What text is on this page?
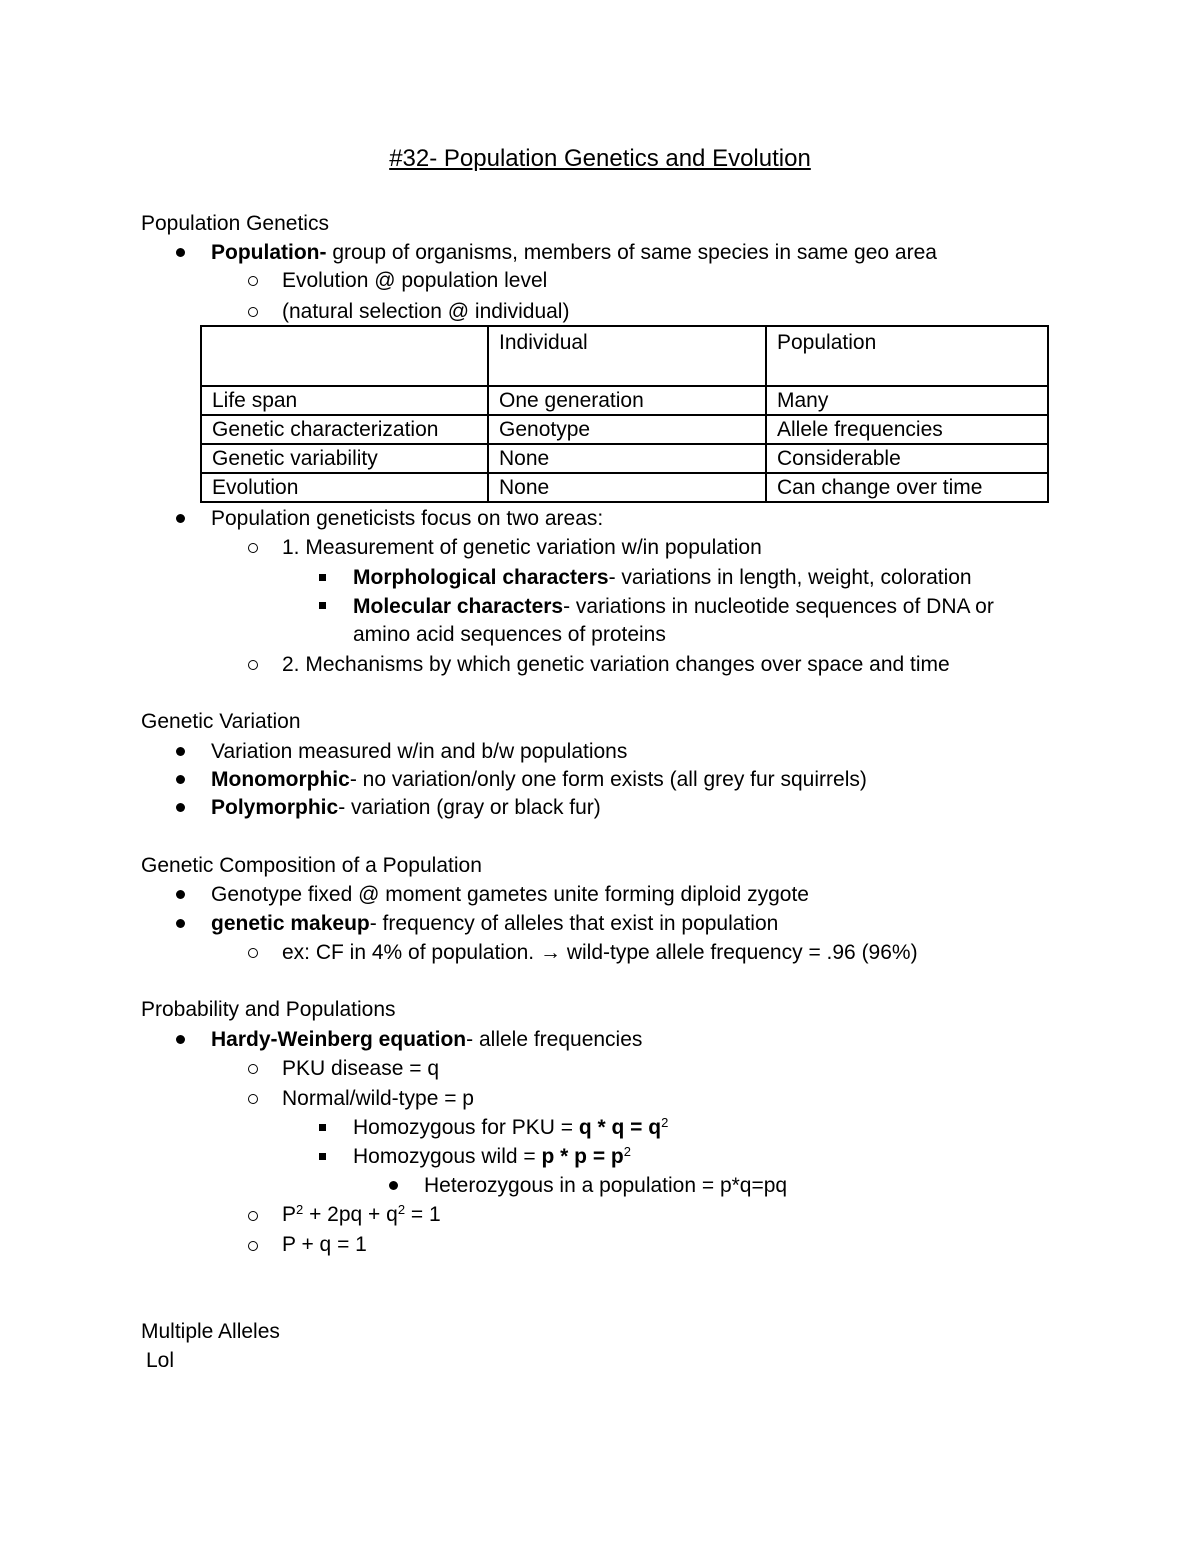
#32- Population Genetics and Evolution
Population Genetics
Population- group of organisms, members of same species in same geo area
Evolution @ population level
(natural selection @ individual)
	Individual	Population
Life span	One generation	Many
Genetic characterization	Genotype	Allele frequencies
Genetic variability	None	Considerable
Evolution	None	Can change over time
Population geneticists focus on two areas:
1. Measurement of genetic variation w/in population
Morphological characters- variations in length, weight, coloration
Molecular characters- variations in nucleotide sequences of DNA or
amino acid sequences of proteins
2. Mechanisms by which genetic variation changes over space and time
Genetic Variation
Variation measured w/in and b/w populations
Monomorphic- no variation/only one form exists (all grey fur squirrels)
Polymorphic- variation (gray or black fur)
Genetic Composition of a Population
Genotype fixed @ moment gametes unite forming diploid zygote
genetic makeup- frequency of alleles that exist in population
ex: CF in 4% of population. → wild-type allele frequency = .96 (96%)
Probability and Populations
Hardy-Weinberg equation- allele frequencies
PKU disease = q
Normal/wild-type = p
Homozygous for PKU = $q * q = q^2$
Homozygous wild = $p * p = p^2$
Heterozygous in a population = p*q=pq
$P^2 + 2pq + q^2 = 1$
P + q = 1
Multiple Alleles
Lol
